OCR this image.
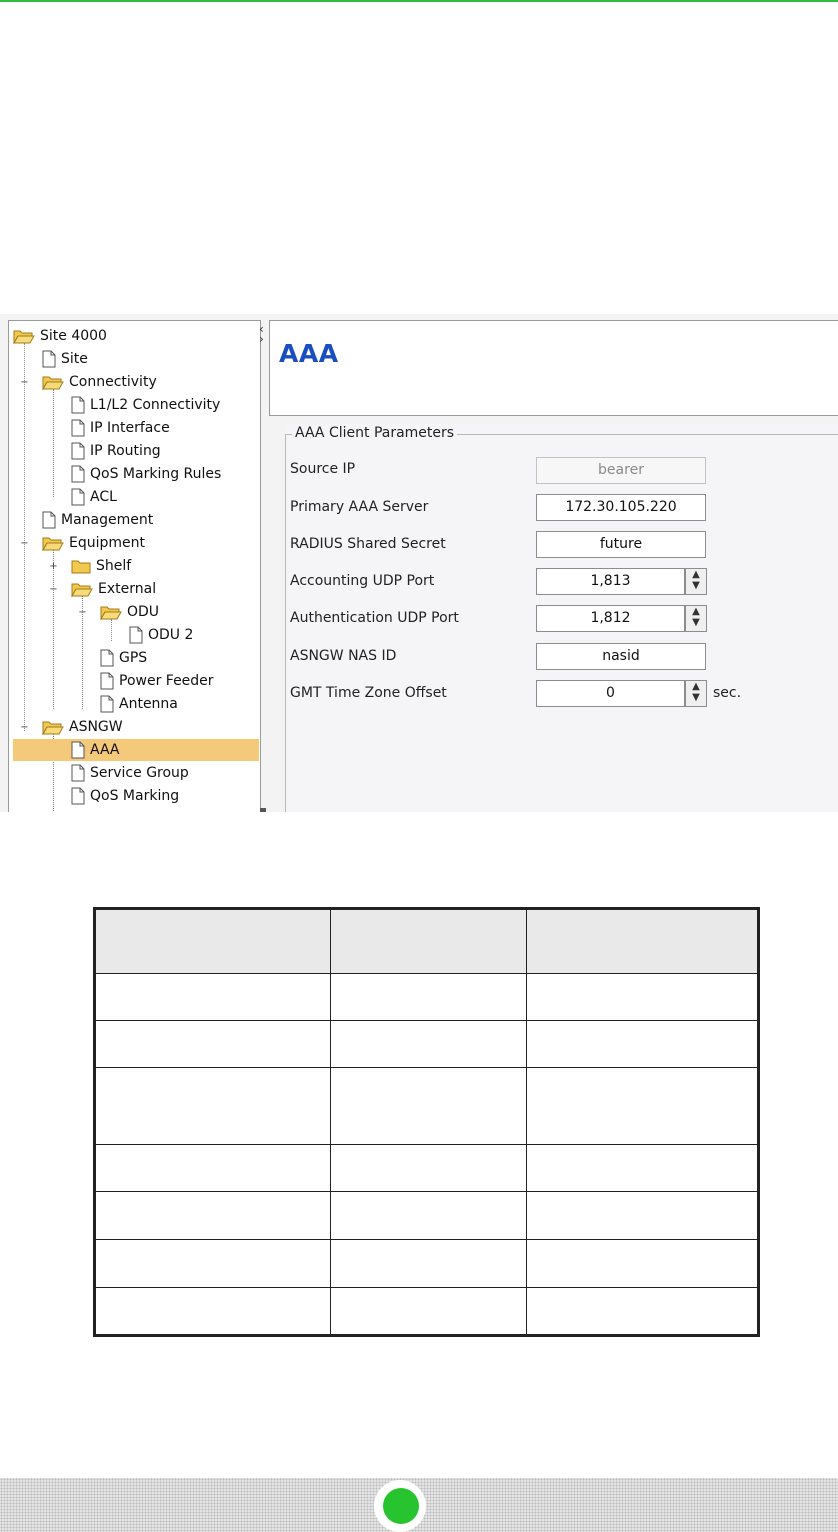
Site 4000
Site
Connectivity
−
L1/L2 Connectivity
IP Interface
IP Routing
QoS Marking Rules
ACL
Management
Equipment
−
Shelf
+
External
−
ODU
−
ODU 2
GPS
Power Feeder
Antenna
ASNGW
−
AAA
Service Group
QoS Marking
‹
› AAA
AAA Client Parameters
Source IP	bearer
Primary AAA Server	172.30.105.220
RADIUS Shared Secret	future
Accounting UDP Port	1,813	▲
▼
Authentication UDP Port	1,812	▲
▼
ASNGW NAS ID	nasid
GMT Time Zone Offset	0	▲
▼ sec.
